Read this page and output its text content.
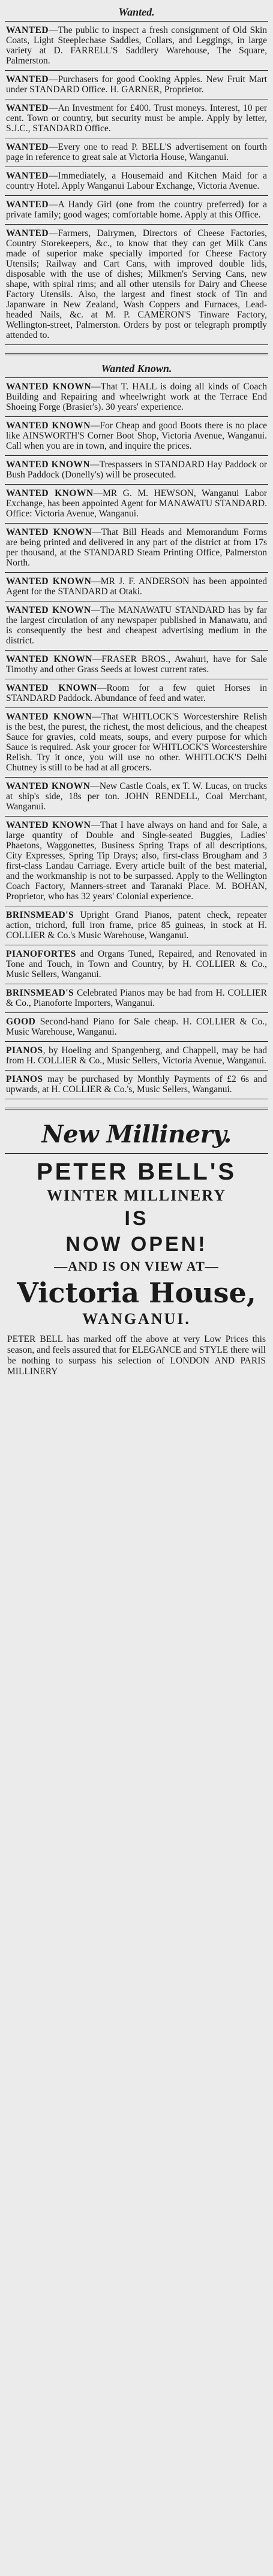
Wanted.

WANTED—The public to inspect a fresh consignment of Old Skin Coats, Light Steeplechase Saddles, Collars, and Leggings, in large variety at D. FARRELL'S Saddlery Warehouse, The Square, Palmerston.

WANTED—Purchasers for good Cooking Apples. New Fruit Mart under STANDARD Office. H. GARNER, Proprietor.

WANTED—An Investment for £400. Trust moneys. Interest, 10 per cent. Town or country, but security must be ample. Apply by letter, S.J.C., STANDARD Office.

WANTED—Every one to read P. BELL'S advertisement on fourth page in reference to great sale at Victoria House, Wanganui.

WANTED—Immediately, a Housemaid and Kitchen Maid for a country Hotel. Apply Wanganui Labour Exchange, Victoria Avenue.

WANTED—A Handy Girl (one from the country preferred) for a private family; good wages; comfortable home. Apply at this Office.

WANTED—Farmers, Dairymen, Directors of Cheese Factories, Country Storekeepers, &c., to know that they can get Milk Cans made of superior make specially imported for Cheese Factory Utensils; Railway and Cart Cans, with improved double lids, disposable with the use of dishes; Milkmen's Serving Cans, new shape, with spiral rims; and all other utensils for Dairy and Cheese Factory Utensils. Also, the largest and finest stock of Tin and Japanware in New Zealand, Wash Coppers and Furnaces, Lead-headed Nails, &c. at M. P. CAMERON'S Tinware Factory, Wellington-street, Palmerston. Orders by post or telegraph promptly attended to.

Wanted Known.

WANTED KNOWN—That T. HALL is doing all kinds of Coach Building and Repairing and wheelwright work at the Terrace End Shoeing Forge (Brasier's). 30 years' experience.

WANTED KNOWN—For Cheap and good Boots there is no place like AINSWORTH'S Corner Boot Shop, Victoria Avenue, Wanganui. Call when you are in town, and inquire the prices.

WANTED KNOWN—Trespassers in STANDARD Hay Paddock or Bush Paddock (Donelly's) will be prosecuted.

WANTED KNOWN—MR G. M. HEWSON, Wanganui Labor Exchange, has been appointed Agent for MANAWATU STANDARD. Office: Victoria Avenue, Wanganui.

WANTED KNOWN—That Bill Heads and Memorandum Forms are being printed and delivered in any part of the district at from 17s per thousand, at the STANDARD Steam Printing Office, Palmerston North.

WANTED KNOWN—MR J. F. ANDERSON has been appointed Agent for the STANDARD at Otaki.

WANTED KNOWN—The MANAWATU STANDARD has by far the largest circulation of any newspaper published in Manawatu, and is consequently the best and cheapest advertising medium in the district.

WANTED KNOWN—FRASER BROS., Awahuri, have for Sale Timothy and other Grass Seeds at lowest current rates.

WANTED KNOWN—Room for a few quiet Horses in STANDARD Paddock. Abundance of feed and water.

WANTED KNOWN—That WHITLOCK'S Worcestershire Relish is the best, the purest, the richest, the most delicious, and the cheapest Sauce for gravies, cold meats, soups, and every purpose for which Sauce is required. Ask your grocer for WHITLOCK'S Worcestershire Relish. Try it once, you will use no other. WHITLOCK'S Delhi Chutney is still to be had at all grocers.

WANTED KNOWN—New Castle Coals, ex T. W. Lucas, on trucks at ship's side, 18s per ton. JOHN RENDELL, Coal Merchant, Wanganui.

WANTED KNOWN—That I have always on hand and for Sale, a large quantity of Double and Single-seated Buggies, Ladies' Phaetons, Waggonettes, Business Spring Traps of all descriptions, City Expresses, Spring Tip Drays; also, first-class Brougham and 3 first-class Landau Carriage. Every article built of the best material, and the workmanship is not to be surpassed. Apply to the Wellington Coach Factory, Manners-street and Taranaki Place. M. BOHAN, Proprietor, who has 32 years' Colonial experience.

BRINSMEAD'S Upright Grand Pianos, patent check, repeater action, trichord, full iron frame, price 85 guineas, in stock at H. COLLIER & Co.'s Music Warehouse, Wanganui.

PIANOFORTES and Organs Tuned, Repaired, and Renovated in Tone and Touch, in Town and Country, by H. COLLIER & Co., Music Sellers, Wanganui.

BRINSMEAD'S Celebrated Pianos may be had from H. COLLIER & Co., Pianoforte Importers, Wanganui.

GOOD Second-hand Piano for Sale cheap. H. COLLIER & Co., Music Warehouse, Wanganui.

PIANOS, by Hoeling and Spangenberg, and Chappell, may be had from H. COLLIER & Co., Music Sellers, Victoria Avenue, Wanganui.

PIANOS may be purchased by Monthly Payments of £2 6s and upwards, at H. COLLIER & Co.'s, Music Sellers, Wanganui.

New Millinery.
PETER BELL'S
WINTER MILLINERY
IS
NOW OPEN!
—AND IS ON VIEW AT—
Victoria House,
WANGANUI.
PETER BELL has marked off the above at very Low Prices this season, and feels assured that for ELEGANCE and STYLE there will be nothing to surpass his selection of LONDON AND PARIS MILLINERY
